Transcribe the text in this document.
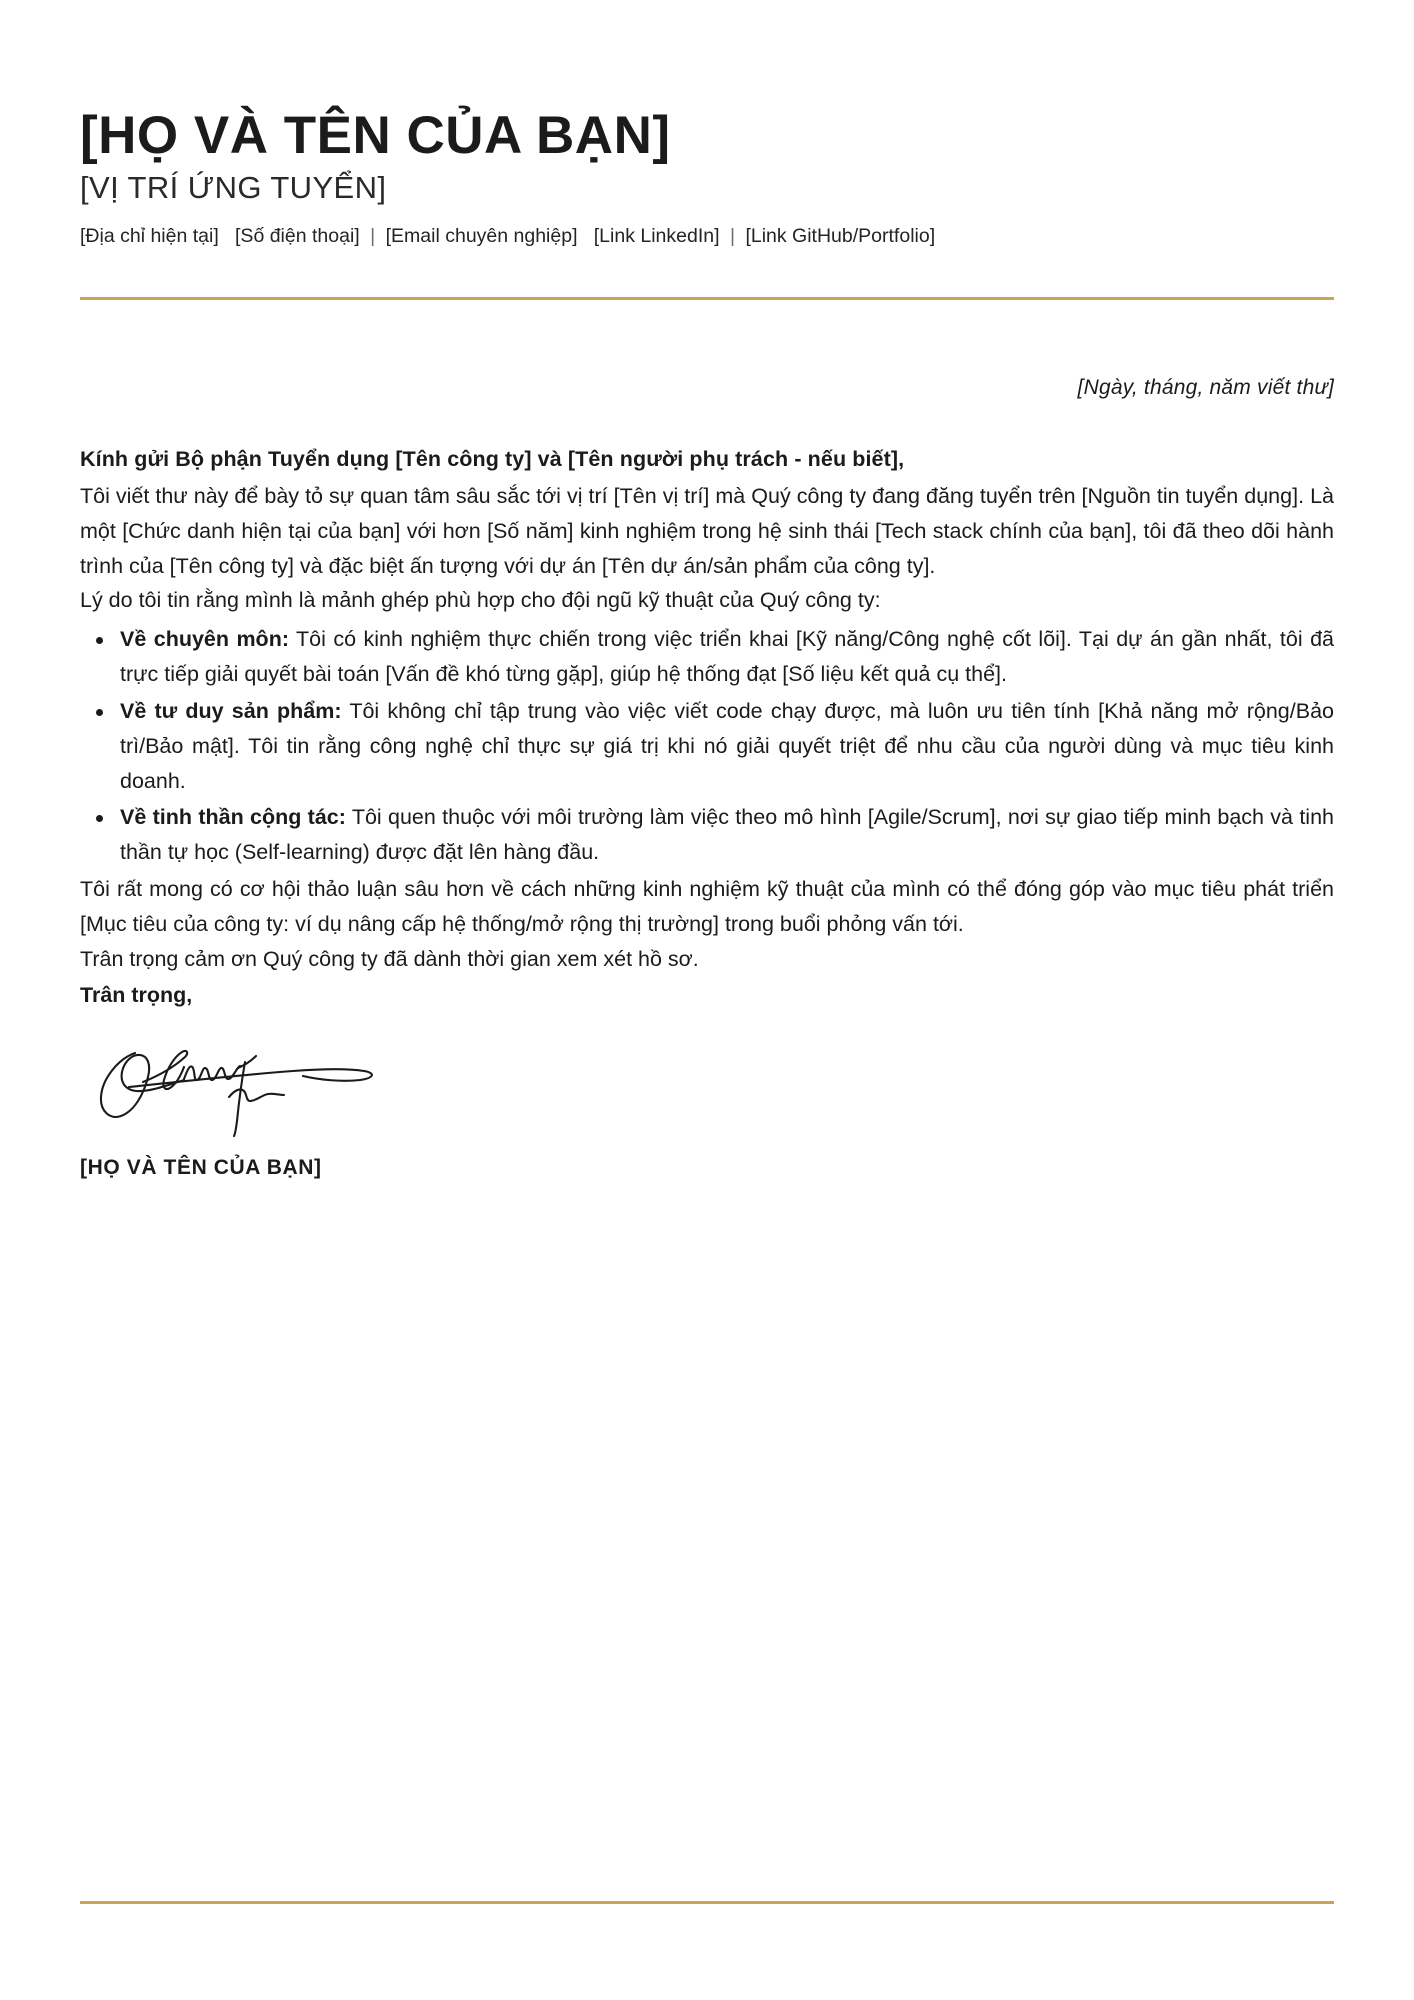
[HỌ VÀ TÊN CỦA BẠN]
[VỊ TRÍ ỨNG TUYỂN]

[Địa chỉ hiện tại] [Số điện thoại] | [Email chuyên nghiệp] [Link LinkedIn] | [Link GitHub/Portfolio]

[Ngày, tháng, năm viết thư]

Kính gửi Bộ phận Tuyển dụng [Tên công ty] và [Tên người phụ trách - nếu biết],

Tôi viết thư này để bày tỏ sự quan tâm sâu sắc tới vị trí [Tên vị trí] mà Quý công ty đang đăng tuyển trên [Nguồn tin tuyển dụng]. Là một [Chức danh hiện tại của bạn] với hơn [Số năm] kinh nghiệm trong hệ sinh thái [Tech stack chính của bạn], tôi đã theo dõi hành trình của [Tên công ty] và đặc biệt ấn tượng với dự án [Tên dự án/sản phẩm của công ty].

Lý do tôi tin rằng mình là mảnh ghép phù hợp cho đội ngũ kỹ thuật của Quý công ty:

Về chuyên môn: Tôi có kinh nghiệm thực chiến trong việc triển khai [Kỹ năng/Công nghệ cốt lõi]. Tại dự án gần nhất, tôi đã trực tiếp giải quyết bài toán [Vấn đề khó từng gặp], giúp hệ thống đạt [Số liệu kết quả cụ thể].
Về tư duy sản phẩm: Tôi không chỉ tập trung vào việc viết code chạy được, mà luôn ưu tiên tính [Khả năng mở rộng/Bảo trì/Bảo mật]. Tôi tin rằng công nghệ chỉ thực sự giá trị khi nó giải quyết triệt để nhu cầu của người dùng và mục tiêu kinh doanh.
Về tinh thần cộng tác: Tôi quen thuộc với môi trường làm việc theo mô hình [Agile/Scrum], nơi sự giao tiếp minh bạch và tinh thần tự học (Self-learning) được đặt lên hàng đầu.

Tôi rất mong có cơ hội thảo luận sâu hơn về cách những kinh nghiệm kỹ thuật của mình có thể đóng góp vào mục tiêu phát triển [Mục tiêu của công ty: ví dụ nâng cấp hệ thống/mở rộng thị trường] trong buổi phỏng vấn tới.

Trân trọng cảm ơn Quý công ty đã dành thời gian xem xét hồ sơ.

Trân trọng,

[HỌ VÀ TÊN CỦA BẠN]
